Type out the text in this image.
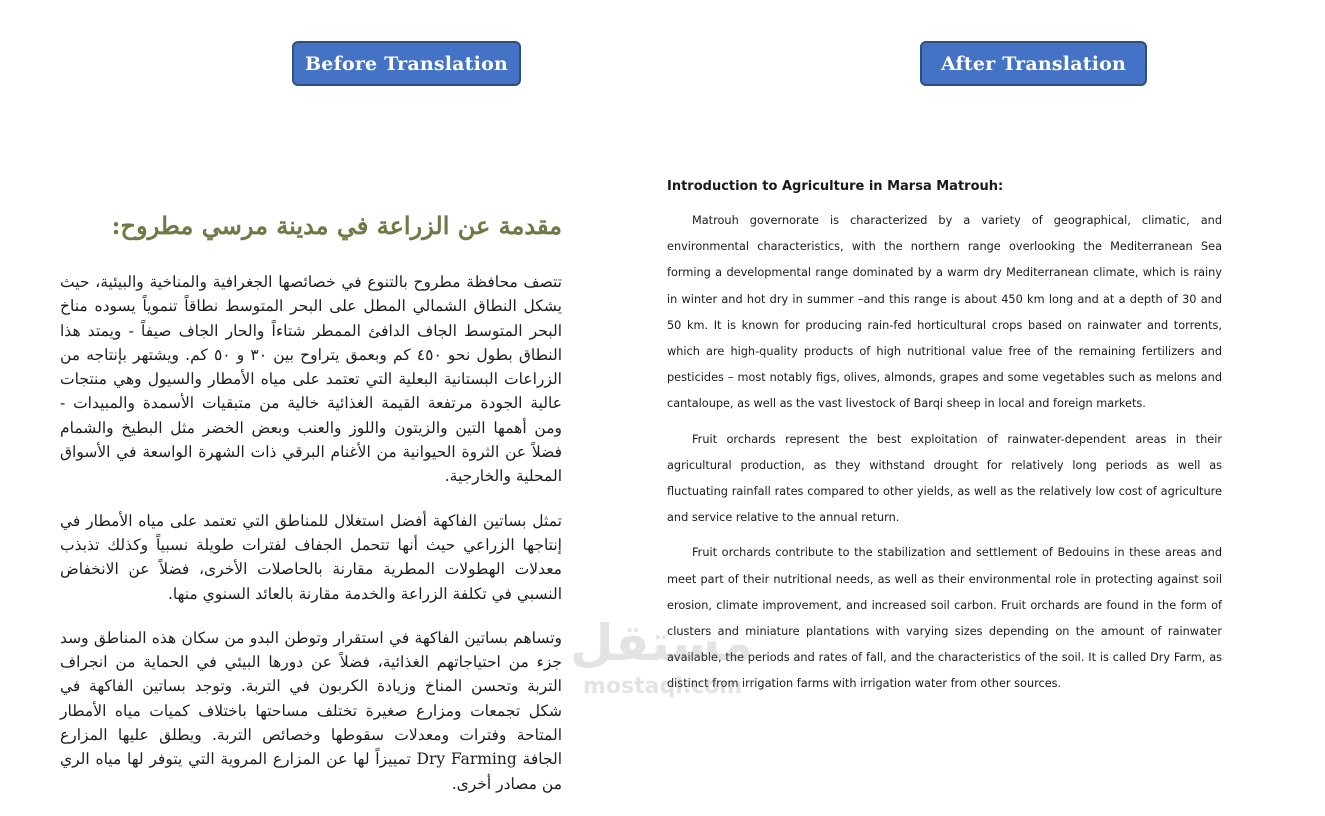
Before Translation	After Translation
مقدمة عن الزراعة في مدينة مرسي مطروح:

تتصف محافظة مطروح بالتنوع في خصائصها الجغرافية والمناخية والبيئية، حيث يشكل النطاق الشمالي المطل على البحر المتوسط نطاقاً تنموياً يسوده مناخ البحر المتوسط الجاف الدافئ الممطر شتاءاً والحار الجاف صيفاً - ويمتد هذا النطاق بطول نحو ٤٥٠ كم وبعمق يتراوح بين ٣٠ و ٥٠ كم. ويشتهر بإنتاجه من الزراعات البستانية البعلية التي تعتمد على مياه الأمطار والسيول وهي منتجات عالية الجودة مرتفعة القيمة الغذائية خالية من متبقيات الأسمدة والمبيدات - ومن أهمها التين والزيتون واللوز والعنب وبعض الخضر مثل البطيخ والشمام فضلاً عن الثروة الحيوانية من الأغنام البرقي ذات الشهرة الواسعة في الأسواق المحلية والخارجية.

تمثل بساتين الفاكهة أفضل استغلال للمناطق التي تعتمد على مياه الأمطار في إنتاجها الزراعي حيث أنها تتحمل الجفاف لفترات طويلة نسبياً وكذلك تذبذب معدلات الهطولات المطرية مقارنة بالحاصلات الأخرى، فضلاً عن الانخفاض النسبي في تكلفة الزراعة والخدمة مقارنة بالعائد السنوي منها.

وتساهم بساتين الفاكهة في استقرار وتوطن البدو من سكان هذه المناطق وسد جزء من احتياجاتهم الغذائية، فضلاً عن دورها البيئي في الحماية من انجراف التربة وتحسن المناخ وزيادة الكربون في التربة. وتوجد بساتين الفاكهة في شكل تجمعات ومزارع صغيرة تختلف مساحتها باختلاف كميات مياه الأمطار المتاحة وفترات ومعدلات سقوطها وخصائص التربة. ويطلق عليها المزارع الجافة Dry Farming تمييزاً لها عن المزارع المروية التي يتوفر لها مياه الري من مصادر أخرى.

Introduction to Agriculture in Marsa Matrouh:

Matrouh governorate is characterized by a variety of geographical, climatic, and environmental characteristics, with the northern range overlooking the Mediterranean Sea forming a developmental range dominated by a warm dry Mediterranean climate, which is rainy in winter and hot dry in summer –and this range is about 450 km long and at a depth of 30 and 50 km. It is known for producing rain-fed horticultural crops based on rainwater and torrents, which are high-quality products of high nutritional value free of the remaining fertilizers and pesticides – most notably figs, olives, almonds, grapes and some vegetables such as melons and cantaloupe, as well as the vast livestock of Barqi sheep in local and foreign markets.

Fruit orchards represent the best exploitation of rainwater-dependent areas in their agricultural production, as they withstand drought for relatively long periods as well as fluctuating rainfall rates compared to other yields, as well as the relatively low cost of agriculture and service relative to the annual return.

Fruit orchards contribute to the stabilization and settlement of Bedouins in these areas and meet part of their nutritional needs, as well as their environmental role in protecting against soil erosion, climate improvement, and increased soil carbon. Fruit orchards are found in the form of clusters and miniature plantations with varying sizes depending on the amount of rainwater available, the periods and rates of fall, and the characteristics of the soil. It is called Dry Farm, as distinct from irrigation farms with irrigation water from other sources.

مستقل
mostaql.com
